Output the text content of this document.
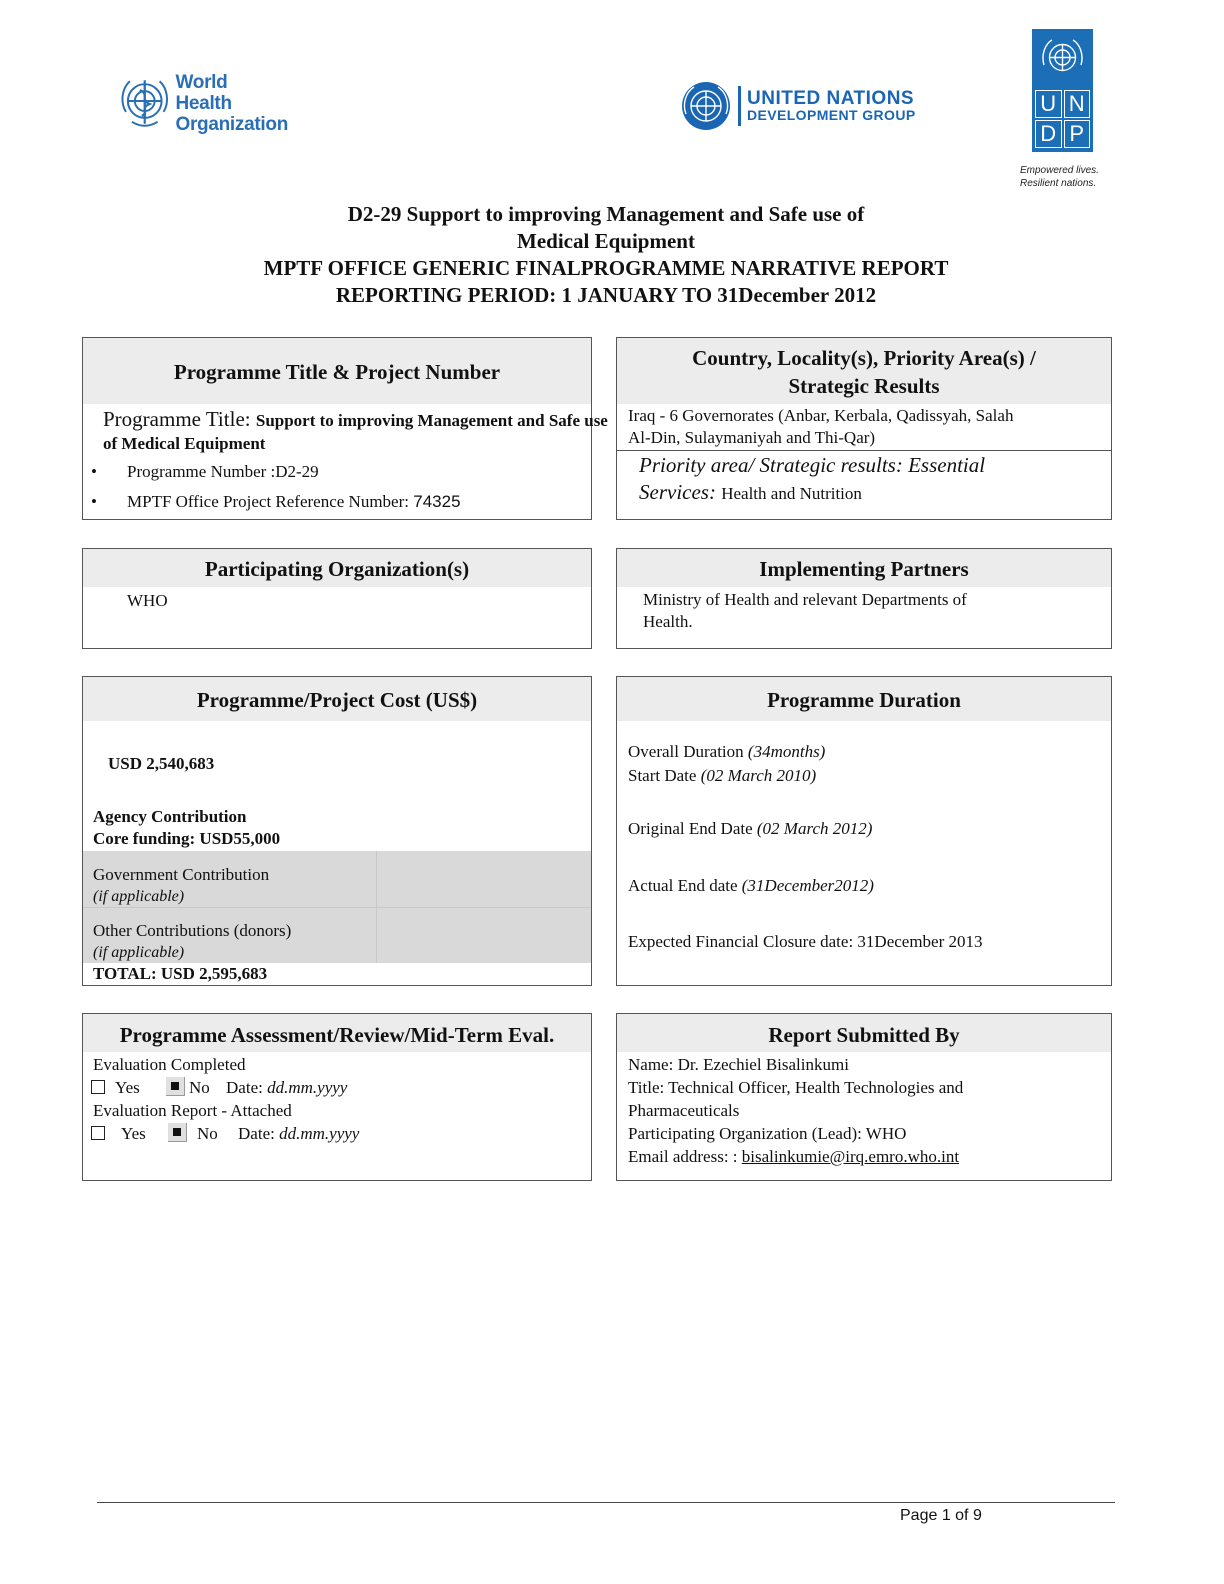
World Health
Organization
UNITED NATIONS
DEVELOPMENT GROUP	U N
D P
Empowered lives.
Resilient nations.
D2-29 Support to improving Management and Safe use of
Medical Equipment
MPTF OFFICE GENERIC FINALPROGRAMME NARRATIVE REPORT
REPORTING PERIOD: 1 JANUARY TO 31December 2012
Programme Title & Project Number
Programme Title: Support to improving Management and Safe use
of Medical Equipment
• Programme Number :D2-29
• MPTF Office Project Reference Number: 74325
Country, Locality(s), Priority Area(s) /
Strategic Results
Iraq - 6 Governorates (Anbar, Kerbala, Qadissyah, Salah
Al-Din, Sulaymaniyah and Thi-Qar)
Priority area/ Strategic results: Essential
Services: Health and Nutrition
Participating Organization(s)
WHO
Implementing Partners
Ministry of Health and relevant Departments of
Health.
Programme/Project Cost (US$)
USD 2,540,683
Agency Contribution
Core funding: USD55,000
Government Contribution
(if applicable)
Other Contributions (donors)
(if applicable)
TOTAL: USD 2,595,683
Programme Duration
Overall Duration (34months)
Start Date (02 March 2010)
Original End Date (02 March 2012)
Actual End date (31December2012)
Expected Financial Closure date: 31December 2013
Programme Assessment/Review/Mid-Term Eval.
Evaluation Completed
Yes	No Date: dd.mm.yyyy
Evaluation Report - Attached
Yes	No Date: dd.mm.yyyy
Report Submitted By
Name: Dr. Ezechiel Bisalinkumi
Title: Technical Officer, Health Technologies and
Pharmaceuticals
Participating Organization (Lead): WHO
Email address: : bisalinkumie@irq.emro.who.int
Page 1 of 9
